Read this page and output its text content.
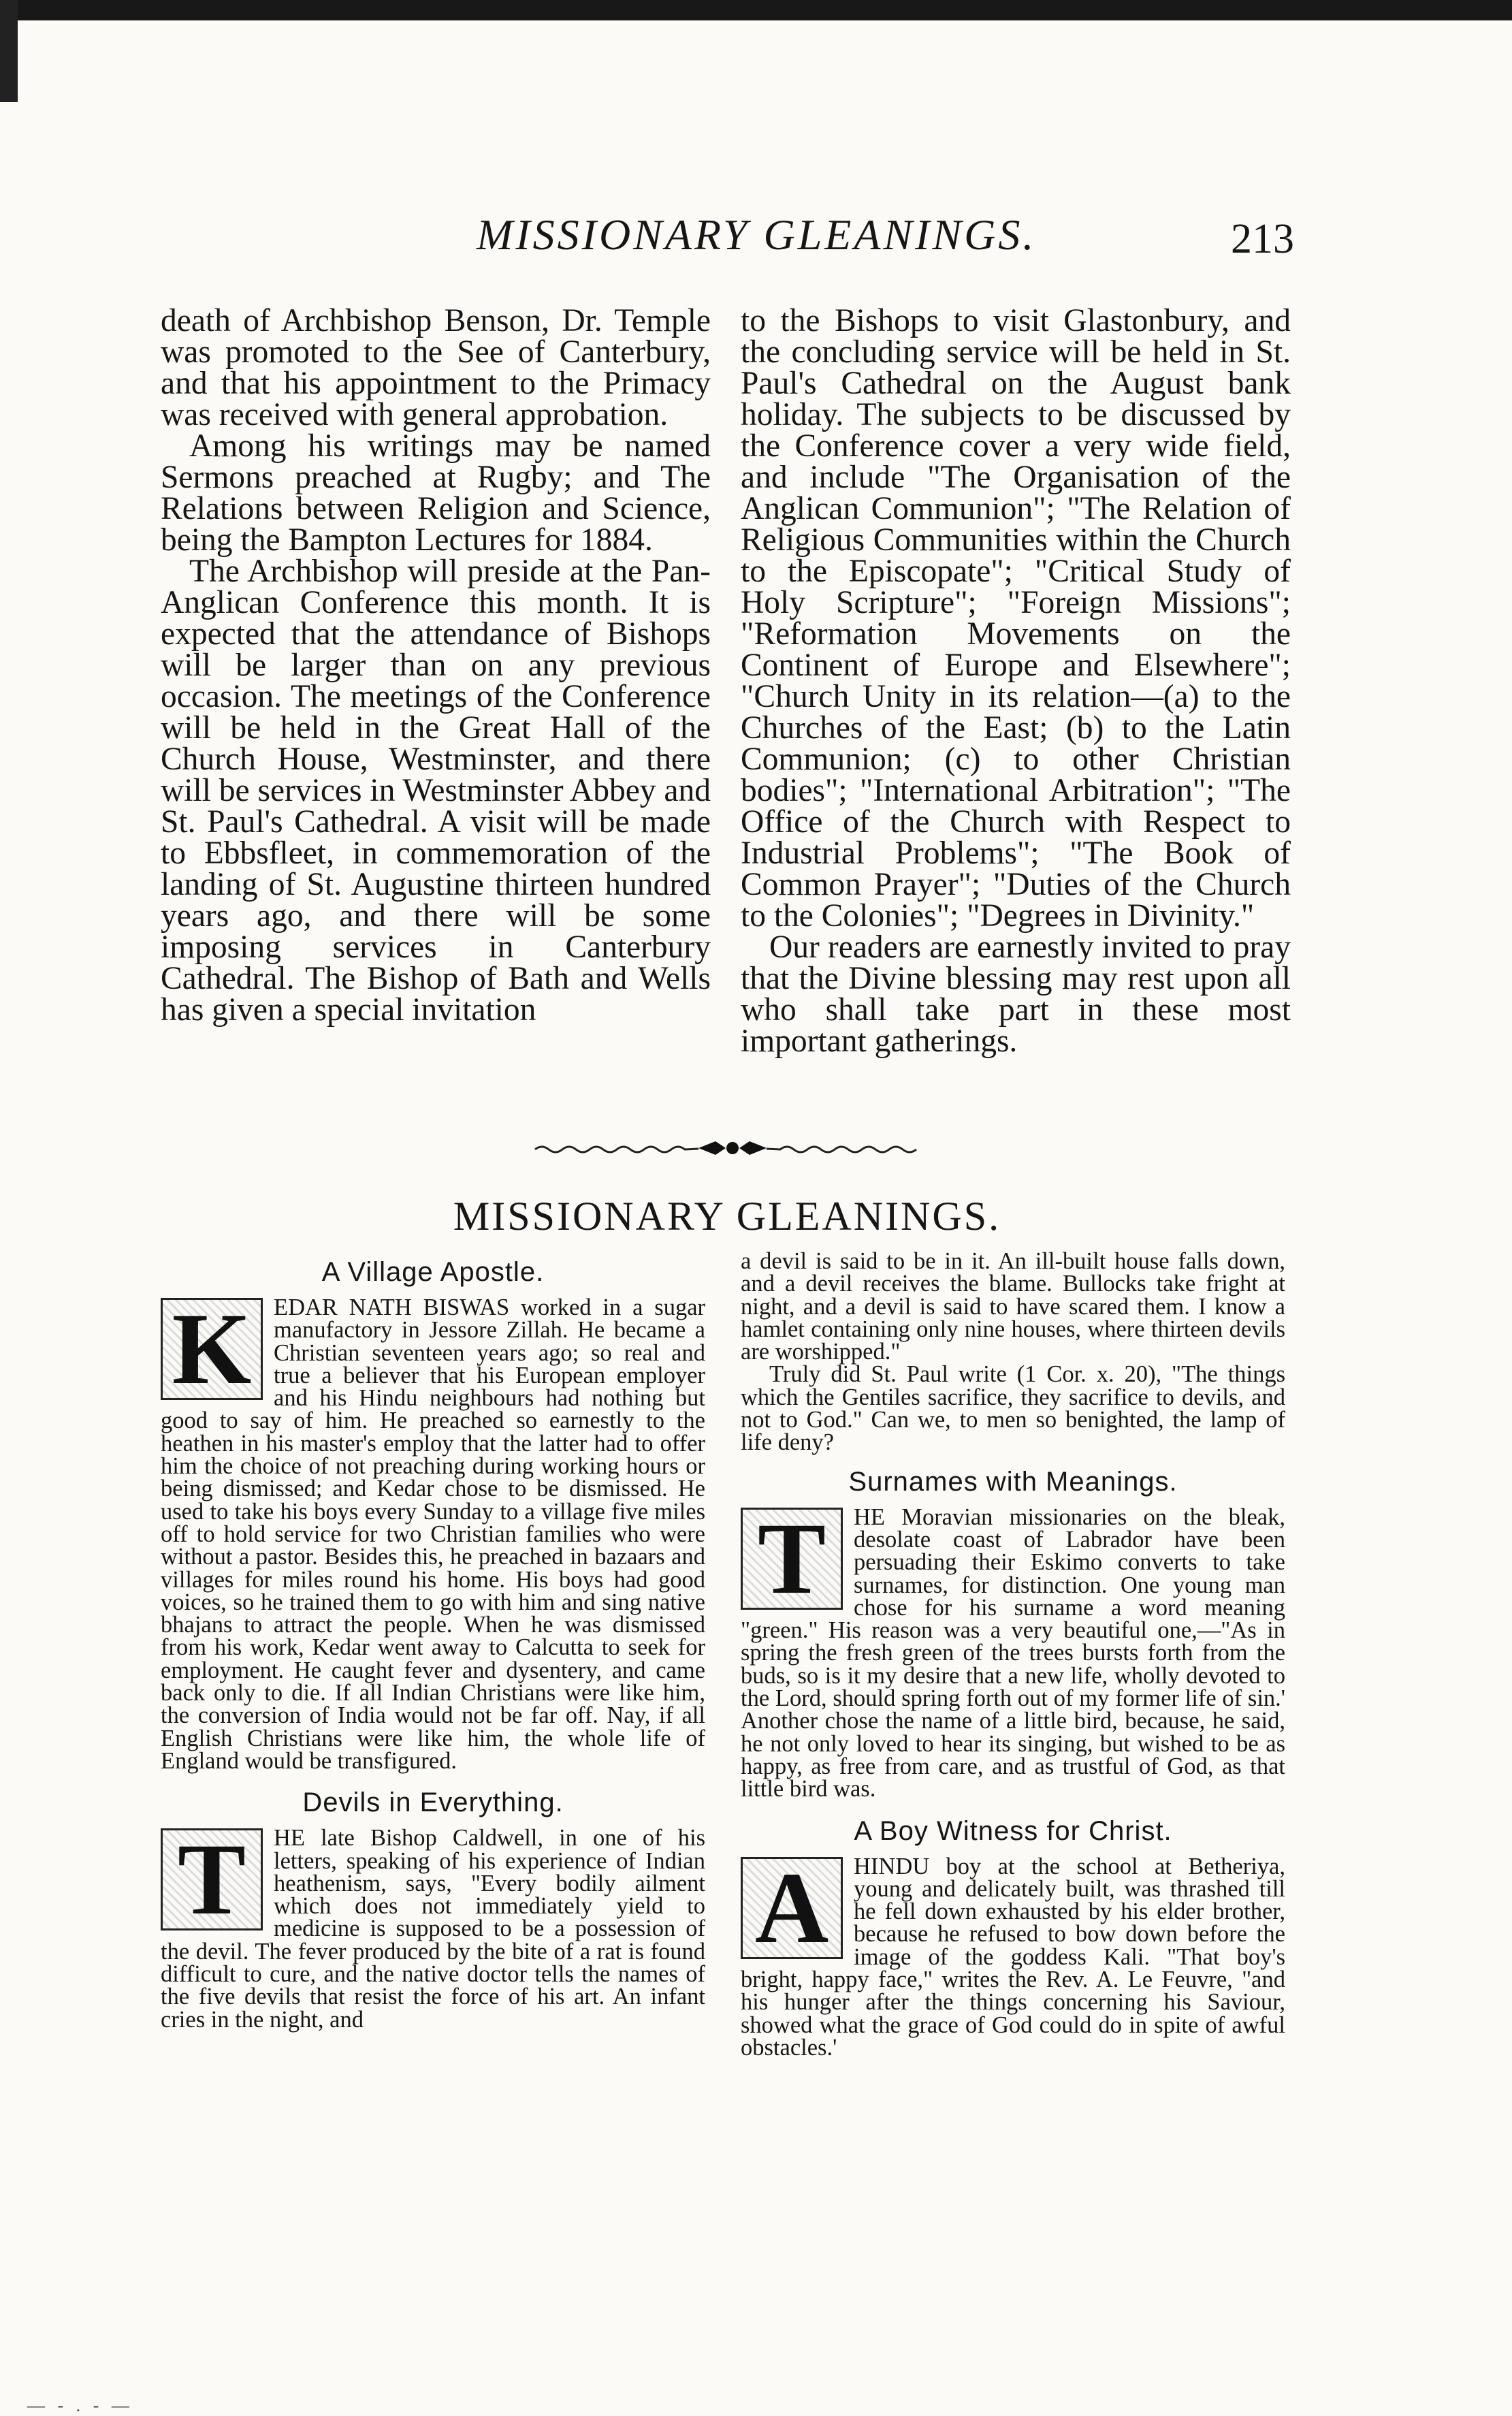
MISSIONARY GLEANINGS.	213

death of Archbishop Benson, Dr. Temple was promoted to the See of Canterbury, and that his appointment to the Primacy was received with general approbation.

Among his writings may be named Sermons preached at Rugby; and The Relations between Religion and Science, being the Bampton Lectures for 1884.

The Archbishop will preside at the Pan-Anglican Conference this month. It is expected that the attendance of Bishops will be larger than on any previous occasion. The meetings of the Conference will be held in the Great Hall of the Church House, Westminster, and there will be services in Westminster Abbey and St. Paul's Cathedral. A visit will be made to Ebbsfleet, in commemoration of the landing of St. Augustine thirteen hundred years ago, and there will be some imposing services in Canterbury Cathedral. The Bishop of Bath and Wells has given a special invitation

to the Bishops to visit Glastonbury, and the concluding service will be held in St. Paul's Cathedral on the August bank holiday. The subjects to be discussed by the Conference cover a very wide field, and include "The Organisation of the Anglican Communion"; "The Relation of Religious Communities within the Church to the Episcopate"; "Critical Study of Holy Scripture"; "Foreign Missions"; "Reformation Movements on the Continent of Europe and Elsewhere"; "Church Unity in its relation—(a) to the Churches of the East; (b) to the Latin Communion; (c) to other Christian bodies"; "International Arbitration"; "The Office of the Church with Respect to Industrial Problems"; "The Book of Common Prayer"; "Duties of the Church to the Colonies"; "Degrees in Divinity."

Our readers are earnestly invited to pray that the Divine blessing may rest upon all who shall take part in these most important gatherings.

MISSIONARY GLEANINGS.
A Village Apostle.
K EDAR NATH BISWAS worked in a sugar manufactory in Jessore Zillah. He became a Christian seventeen years ago; so real and true a believer that his European employer and his Hindu neighbours had nothing but good to say of him. He preached so earnestly to the heathen in his master's employ that the latter had to offer him the choice of not preaching during working hours or being dismissed; and Kedar chose to be dismissed. He used to take his boys every Sunday to a village five miles off to hold service for two Christian families who were without a pastor. Besides this, he preached in bazaars and villages for miles round his home. His boys had good voices, so he trained them to go with him and sing native bhajans to attract the people. When he was dismissed from his work, Kedar went away to Calcutta to seek for employment. He caught fever and dysentery, and came back only to die. If all Indian Christians were like him, the conversion of India would not be far off. Nay, if all English Christians were like him, the whole life of England would be transfigured.

Devils in Everything.
T	HE late Bishop Caldwell, in one of his letters, speaking of his experience of Indian heathenism, says, "Every bodily ailment which does not immediately yield to medicine is supposed to be a possession of the devil. The fever produced by the bite of a rat is found difficult to cure, and the native doctor tells the names of the five devils that resist the force of his art. An infant cries in the night, and

a devil is said to be in it. An ill-built house falls down, and a devil receives the blame. Bullocks take fright at night, and a devil is said to have scared them. I know a hamlet containing only nine houses, where thirteen devils are worshipped."

Truly did St. Paul write (1 Cor. x. 20), "The things which the Gentiles sacrifice, they sacrifice to devils, and not to God." Can we, to men so benighted, the lamp of life deny?

Surnames with Meanings.
T	HE Moravian missionaries on the bleak, desolate coast of Labrador have been persuading their Eskimo converts to take surnames, for distinction. One young man chose for his surname a word meaning "green." His reason was a very beautiful one,—"As in spring the fresh green of the trees bursts forth from the buds, so is it my desire that a new life, wholly devoted to the Lord, should spring forth out of my former life of sin.' Another chose the name of a little bird, because, he said, he not only loved to hear its singing, but wished to be as happy, as free from care, and as trustful of God, as that little bird was.

A Boy Witness for Christ.
A	HINDU boy at the school at Betheriya, young and delicately built, was thrashed till he fell down exhausted by his elder brother, because he refused to bow down before the image of the goddess Kali. "That boy's bright, happy face," writes the Rev. A. Le Feuvre, "and his hunger after the things concerning his Saviour, showed what the grace of God could do in spite of awful obstacles.'

— - . - —
